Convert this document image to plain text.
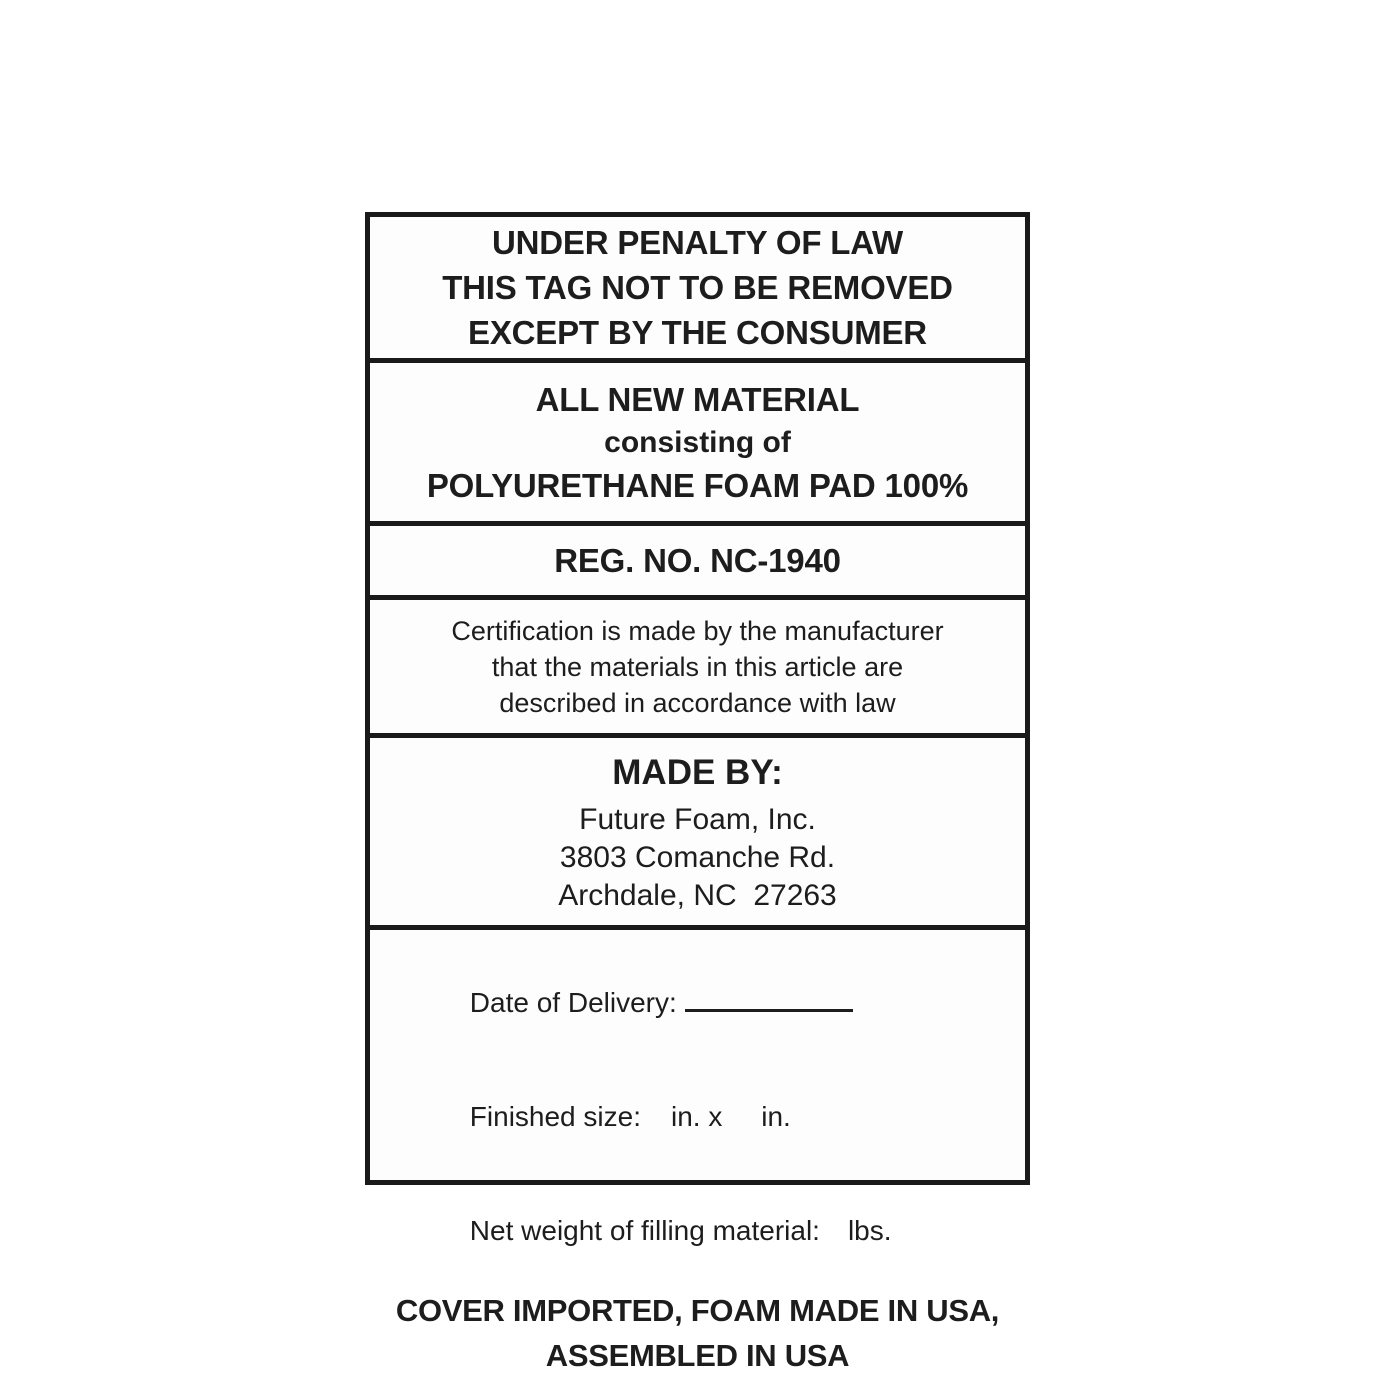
UNDER PENALTY OF LAW
THIS TAG NOT TO BE REMOVED
EXCEPT BY THE CONSUMER
ALL NEW MATERIAL
consisting of
POLYURETHANE FOAM PAD 100%
REG. NO. NC-1940
Certification is made by the manufacturer
that the materials in this article are
described in accordance with law
MADE BY:
Future Foam, Inc.
3803 Comanche Rd.
Archdale, NC  27263

Date of Delivery:

Finished size: in. x     in.

Net weight of filling material: lbs.

COVER IMPORTED, FOAM MADE IN USA,
ASSEMBLED IN USA
